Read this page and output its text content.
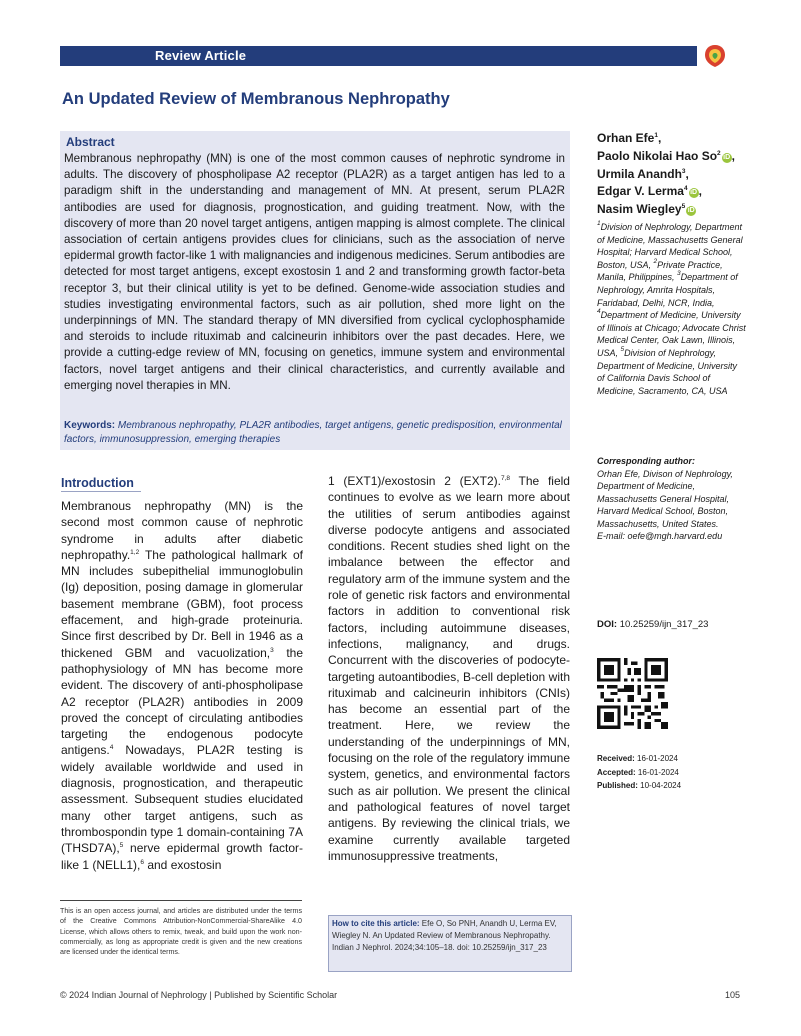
Review Article
An Updated Review of Membranous Nephropathy
Abstract
Membranous nephropathy (MN) is one of the most common causes of nephrotic syndrome in adults. The discovery of phospholipase A2 receptor (PLA2R) as a target antigen has led to a paradigm shift in the understanding and management of MN. At present, serum PLA2R antibodies are used for diagnosis, prognostication, and guiding treatment. Now, with the discovery of more than 20 novel target antigens, antigen mapping is almost complete. The clinical association of certain antigens provides clues for clinicians, such as the association of nerve epidermal growth factor-like 1 with malignancies and indigenous medicines. Serum antibodies are detected for most target antigens, except exostosin 1 and 2 and transforming growth factor-beta receptor 3, but their clinical utility is yet to be defined. Genome-wide association studies and studies investigating environmental factors, such as air pollution, shed more light on the underpinnings of MN. The standard therapy of MN diversified from cyclical cyclophosphamide and steroids to include rituximab and calcineurin inhibitors over the past decades. Here, we provide a cutting-edge review of MN, focusing on genetics, immune system and environmental factors, novel target antigens and their clinical characteristics, and currently available and emerging novel therapies in MN.
Keywords: Membranous nephropathy, PLA2R antibodies, target antigens, genetic predisposition, environmental factors, immunosuppression, emerging therapies
Orhan Efe$^1$,
Paolo Nikolai Hao So$^2$iD ,
Urmila Anandh$^3$,
Edgar V. Lerma$^4$iD ,
Nasim Wiegley$^5$iD
$^1$Division of Nephrology, Department of Medicine, Massachusetts General Hospital; Harvard Medical School, Boston, USA, $^2$Private Practice, Manila, Philippines, $^3$Department of Nephrology, Amrita Hospitals, Faridabad, Delhi, NCR, India, $^4$Department of Medicine, University of Illinois at Chicago; Advocate Christ Medical Center, Oak Lawn, Illinois, USA, $^5$Division of Nephrology, Department of Medicine, University of California Davis School of Medicine, Sacramento, CA, USA
Corresponding author:
Orhan Efe, Divison of Nephrology, Department of Medicine, Massachusetts General Hospital, Harvard Medical School, Boston, Massachusetts, United States.
E-mail: oefe@mgh.harvard.edu
DOI: 10.25259/ijn_317_23
Received: 16-01-2024
Accepted: 16-01-2024
Published: 10-04-2024
Introduction
Membranous nephropathy (MN) is the second most common cause of nephrotic syndrome in adults after diabetic nephropathy.$^{1,2}$ The pathological hallmark of MN includes subepithelial immunoglobulin (Ig) deposition, posing damage in glomerular basement membrane (GBM), foot process effacement, and high-grade proteinuria. Since first described by Dr. Bell in 1946 as a thickened GBM and vacuolization,$^3$ the pathophysiology of MN has become more evident. The discovery of anti-phospholipase A2 receptor (PLA2R) antibodies in 2009 proved the concept of circulating antibodies targeting the endogenous podocyte antigens.$^4$ Nowadays, PLA2R testing is widely available worldwide and used in diagnosis, prognostication, and therapeutic assessment. Subsequent studies elucidated many other target antigens, such as thrombospondin type 1 domain-containing 7A (THSD7A),$^5$ nerve epidermal growth factor-like 1 (NELL1),$^6$ and exostosin
1 (EXT1)/exostosin 2 (EXT2).$^{7,8}$ The field continues to evolve as we learn more about the utilities of serum antibodies against diverse podocyte antigens and associated conditions. Recent studies shed light on the imbalance between the effector and regulatory arm of the immune system and the role of genetic risk factors and environmental factors in addition to conventional risk factors, including autoimmune diseases, infections, malignancy, and drugs. Concurrent with the discoveries of podocyte-targeting autoantibodies, B-cell depletion with rituximab and calcineurin inhibitors (CNIs) has become an essential part of the treatment. Here, we review the understanding of the underpinnings of MN, focusing on the role of the regulatory immune system, genetics, and environmental factors such as air pollution. We present the clinical and pathological features of novel target antigens. By reviewing the clinical trials, we examine currently available targeted immunosuppressive treatments,
This is an open access journal, and articles are distributed under the terms of the Creative Commons Attribution-NonCommercial-ShareAlike 4.0 License, which allows others to remix, tweak, and build upon the work non-commercially, as long as appropriate credit is given and the new creations are licensed under the identical terms.
How to cite this article: Efe O, So PNH, Anandh U, Lerma EV, Wiegley N. An Updated Review of Membranous Nephropathy. Indian J Nephrol. 2024;34:105–18. doi: 10.25259/ijn_317_23
© 2024 Indian Journal of Nephrology | Published by Scientific Scholar	105
